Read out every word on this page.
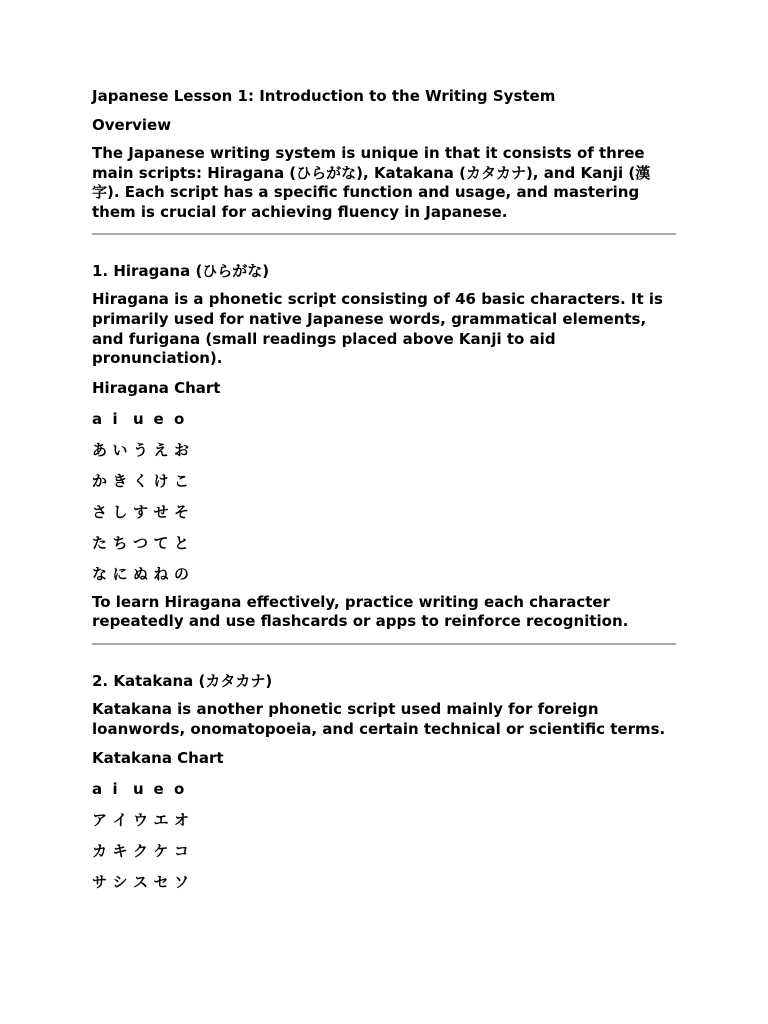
Japanese Lesson 1: Introduction to the Writing System
Overview
The Japanese writing system is unique in that it consists of three main scripts: Hiragana (ひらがな), Katakana (カタカナ), and Kanji (漢字). Each script has a specific function and usage, and mastering them is crucial for achieving fluency in Japanese.
1. Hiragana (ひらがな)
Hiragana is a phonetic script consisting of 46 basic characters. It is primarily used for native Japanese words, grammatical elements, and furigana (small readings placed above Kanji to aid pronunciation).
Hiragana Chart
a i	u e o
あ い う え お
か き く け こ
さ し す せ そ
た ち つ て と
な に ぬ ね の
To learn Hiragana effectively, practice writing each character repeatedly and use flashcards or apps to reinforce recognition.
2. Katakana (カタカナ)
Katakana is another phonetic script used mainly for foreign loanwords, onomatopoeia, and certain technical or scientific terms.
Katakana Chart
a i	u e o
ア イ ウ エ オ
カ キ ク ケ コ
サ シ ス セ ソ
